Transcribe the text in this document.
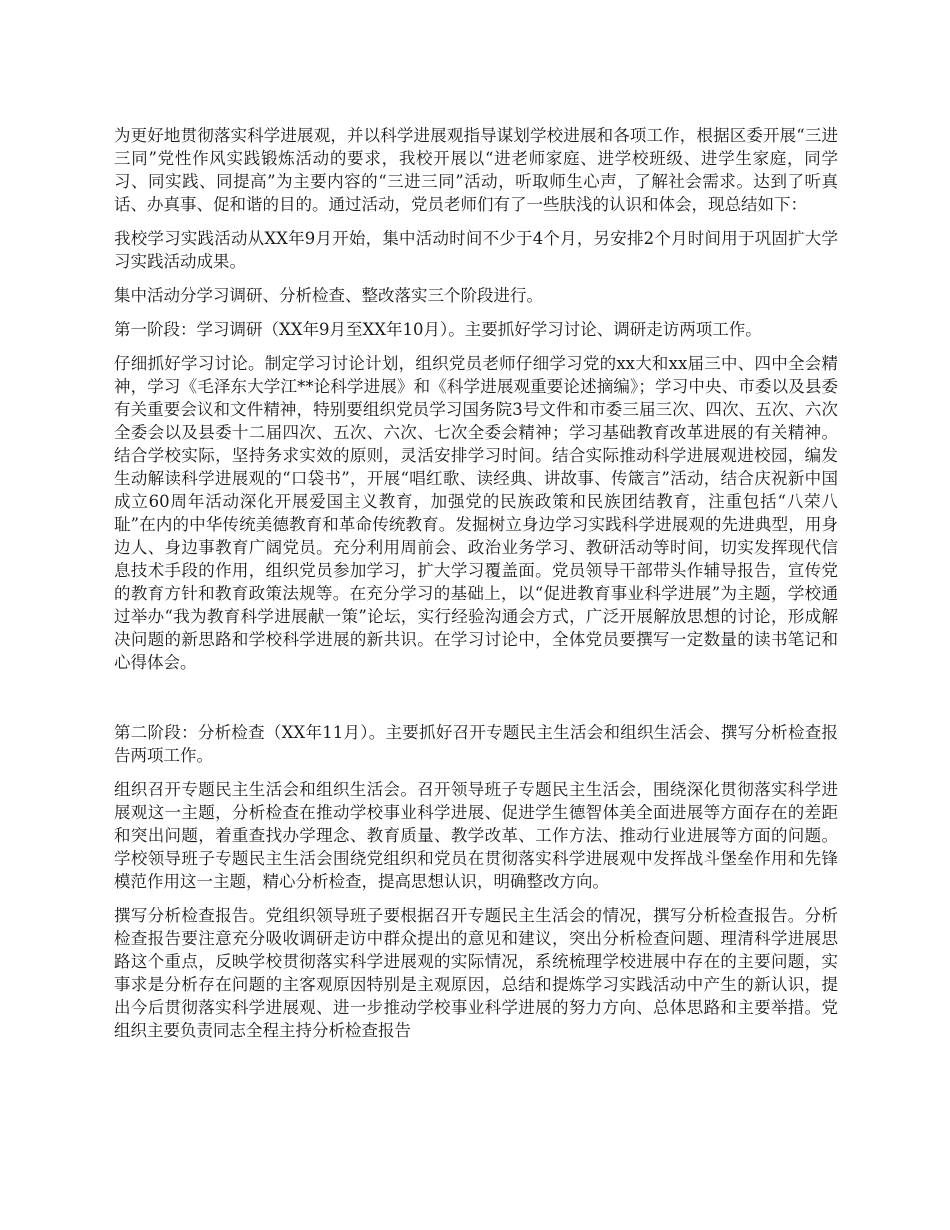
为更好地贯彻落实科学进展观，并以科学进展观指导谋划学校进展和各项工作，根据区委开展“三进三同”党性作风实践锻炼活动的要求，我校开展以“进老师家庭、进学校班级、进学生家庭，同学习、同实践、同提高”为主要内容的“三进三同”活动，听取师生心声，了解社会需求。达到了听真话、办真事、促和谐的目的。通过活动，党员老师们有了一些肤浅的认识和体会，现总结如下：

我校学习实践活动从XX年9月开始，集中活动时间不少于4个月，另安排2个月时间用于巩固扩大学习实践活动成果。

集中活动分学习调研、分析检查、整改落实三个阶段进行。

第一阶段：学习调研（XX年9月至XX年10月）。主要抓好学习讨论、调研走访两项工作。

仔细抓好学习讨论。制定学习讨论计划，组织党员老师仔细学习党的xx大和xx届三中、四中全会精神，学习《毛泽东大学江**论科学进展》和《科学进展观重要论述摘编》；学习中央、市委以及县委有关重要会议和文件精神，特别要组织党员学习国务院3号文件和市委三届三次、四次、五次、六次全委会以及县委十二届四次、五次、六次、七次全委会精神；学习基础教育改革进展的有关精神。结合学校实际，坚持务求实效的原则，灵活安排学习时间。结合实际推动科学进展观进校园，编发生动解读科学进展观的“口袋书”，开展“唱红歌、读经典、讲故事、传箴言”活动，结合庆祝新中国成立60周年活动深化开展爱国主义教育，加强党的民族政策和民族团结教育，注重包括“八荣八耻”在内的中华传统美德教育和革命传统教育。发掘树立身边学习实践科学进展观的先进典型，用身边人、身边事教育广阔党员。充分利用周前会、政治业务学习、教研活动等时间，切实发挥现代信息技术手段的作用，组织党员参加学习，扩大学习覆盖面。党员领导干部带头作辅导报告，宣传党的教育方针和教育政策法规等。在充分学习的基础上，以“促进教育事业科学进展”为主题，学校通过举办“我为教育科学进展献一策”论坛，实行经验沟通会方式，广泛开展解放思想的讨论，形成解决问题的新思路和学校科学进展的新共识。在学习讨论中，全体党员要撰写一定数量的读书笔记和心得体会。

第二阶段：分析检查（XX年11月）。主要抓好召开专题民主生活会和组织生活会、撰写分析检查报告两项工作。

组织召开专题民主生活会和组织生活会。召开领导班子专题民主生活会，围绕深化贯彻落实科学进展观这一主题，分析检查在推动学校事业科学进展、促进学生德智体美全面进展等方面存在的差距和突出问题，着重查找办学理念、教育质量、教学改革、工作方法、推动行业进展等方面的问题。学校领导班子专题民主生活会围绕党组织和党员在贯彻落实科学进展观中发挥战斗堡垒作用和先锋模范作用这一主题，精心分析检查，提高思想认识，明确整改方向。

撰写分析检查报告。党组织领导班子要根据召开专题民主生活会的情况，撰写分析检查报告。分析检查报告要注意充分吸收调研走访中群众提出的意见和建议，突出分析检查问题、理清科学进展思路这个重点，反映学校贯彻落实科学进展观的实际情况，系统梳理学校进展中存在的主要问题，实事求是分析存在问题的主客观原因特别是主观原因，总结和提炼学习实践活动中产生的新认识，提出今后贯彻落实科学进展观、进一步推动学校事业科学进展的努力方向、总体思路和主要举措。党组织主要负责同志全程主持分析检查报告
